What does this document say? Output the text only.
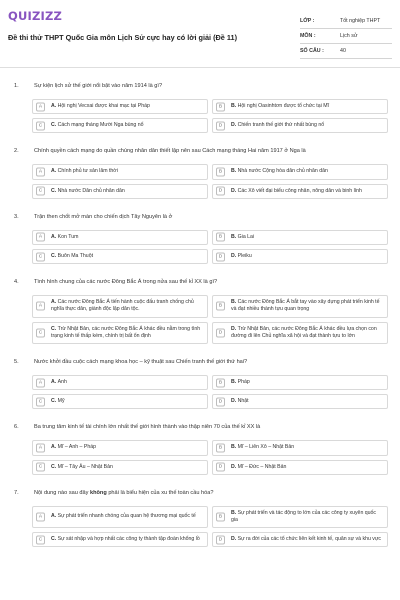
QUIZIZZ
Đề thi thử THPT Quốc Gia môn Lịch Sử cực hay có lời giải (Đề 11)
LỚP :	Tốt nghiệp THPT
MÔN :	Lịch sử
SỐ CÂU :	40
1.	Sự kiện lịch sử thế giới nổi bật vào năm 1914 là gì?
A	A. Hội nghị Vecxai được khai mạc tại Pháp	B	B. Hội nghị Oasinhtơn được tổ chức tại Mĩ
C	C. Cách mạng tháng Mười Nga bùng nổ	D	D. Chiến tranh thế giới thứ nhất bùng nổ
2.	Chính quyền cách mạng do quần chúng nhân dân thiết lập nên sau Cách mạng tháng Hai năm 1917 ở Nga là
A	A. Chính phủ tư sản lâm thời	B	B. Nhà nước Cộng hòa dân chủ nhân dân
C	C. Nhà nước Dân chủ nhân dân	D	D. Các Xô viết đại biểu công nhân, nông dân và binh lính
3.	Trận then chốt mở màn cho chiến dịch Tây Nguyên là ở
A	A. Kon Tum	B	B. Gia Lai
C	C. Buôn Ma Thuột	D	D. Pleiku
4.	Tình hình chung của các nước Đông Bắc Á trong nửa sau thế kỉ XX là gì?
A
A. Các nước Đông Bắc Á tiến hành cuộc đấu tranh chống chủ nghĩa thực dân, giành độc lập dân tộc.	B
B. Các nước Đông Bắc Á bắt tay vào xây dựng phát triển kinh tế và đạt nhiều thành tựu quan trọng
C
C. Trừ Nhật Bản, các nước Đông Bắc Á khác đều nằm trong tình trạng kinh tế thấp kém, chính trị bất ổn định	D
D. Trừ Nhật Bản, các nước Đông Bắc Á khác đều lựa chọn con đường đi lên Chủ nghĩa xã hội và đạt thành tựu to lớn
5.	Nước khởi đầu cuộc cách mạng khoa học – kỹ thuật sau Chiến tranh thế giới thứ hai?
A	A. Anh	B	B. Pháp
C	C. Mỹ	D	D. Nhật
6.	Ba trung tâm kinh tế tài chính lớn nhất thế giới hình thành vào thập niên 70 của thế kỉ XX là
A	A. Mĩ – Anh – Pháp	B	B. Mĩ – Liên Xô – Nhật Bản
C	C. Mĩ – Tây Âu – Nhật Bản	D	D. Mĩ – Đức – Nhật Bản
7.	Nội dung nào sau đây không phải là biểu hiện của xu thế toàn cầu hóa?
A	A. Sự phát triển nhanh chóng của quan hệ thương mại quốc tế	B
B. Sự phát triển và tác động to lớn của các công ty xuyên quốc gia
C	C. Sự sát nhập và hợp nhất các công ty thành tập đoàn khổng lồ	D	D. Sự ra đời của các tổ chức liên kết kinh tế, quân sự và khu vực
